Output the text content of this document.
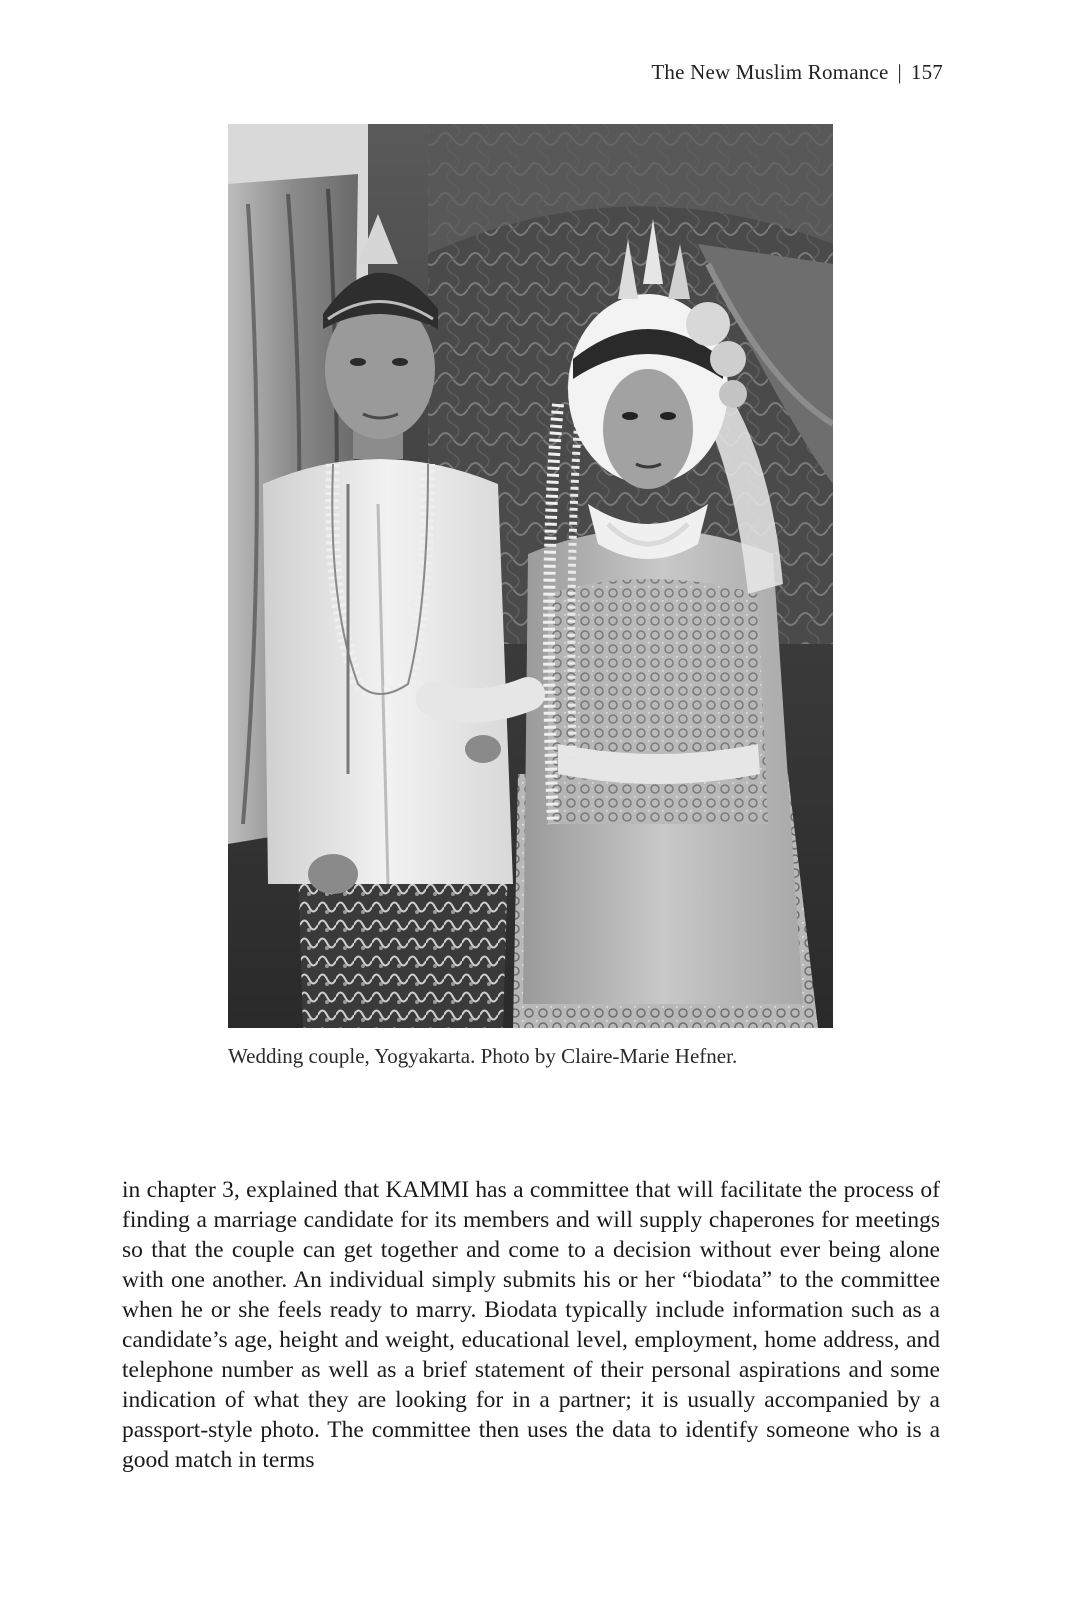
The New Muslim Romance | 157
Wedding couple, Yogyakarta. Photo by Claire-Marie Hefner.

in chapter 3, explained that KAMMI has a committee that will facilitate the process of finding a marriage candidate for its members and will supply chaperones for meetings so that the couple can get together and come to a decision without ever being alone with one another. An individual simply submits his or her “biodata” to the committee when he or she feels ready to marry. Biodata typically include information such as a candidate’s age, height and weight, educational level, employment, home address, and telephone number as well as a brief statement of their personal aspirations and some indication of what they are looking for in a partner; it is usually accompanied by a passport-style photo. The committee then uses the data to identify someone who is a good match in terms
